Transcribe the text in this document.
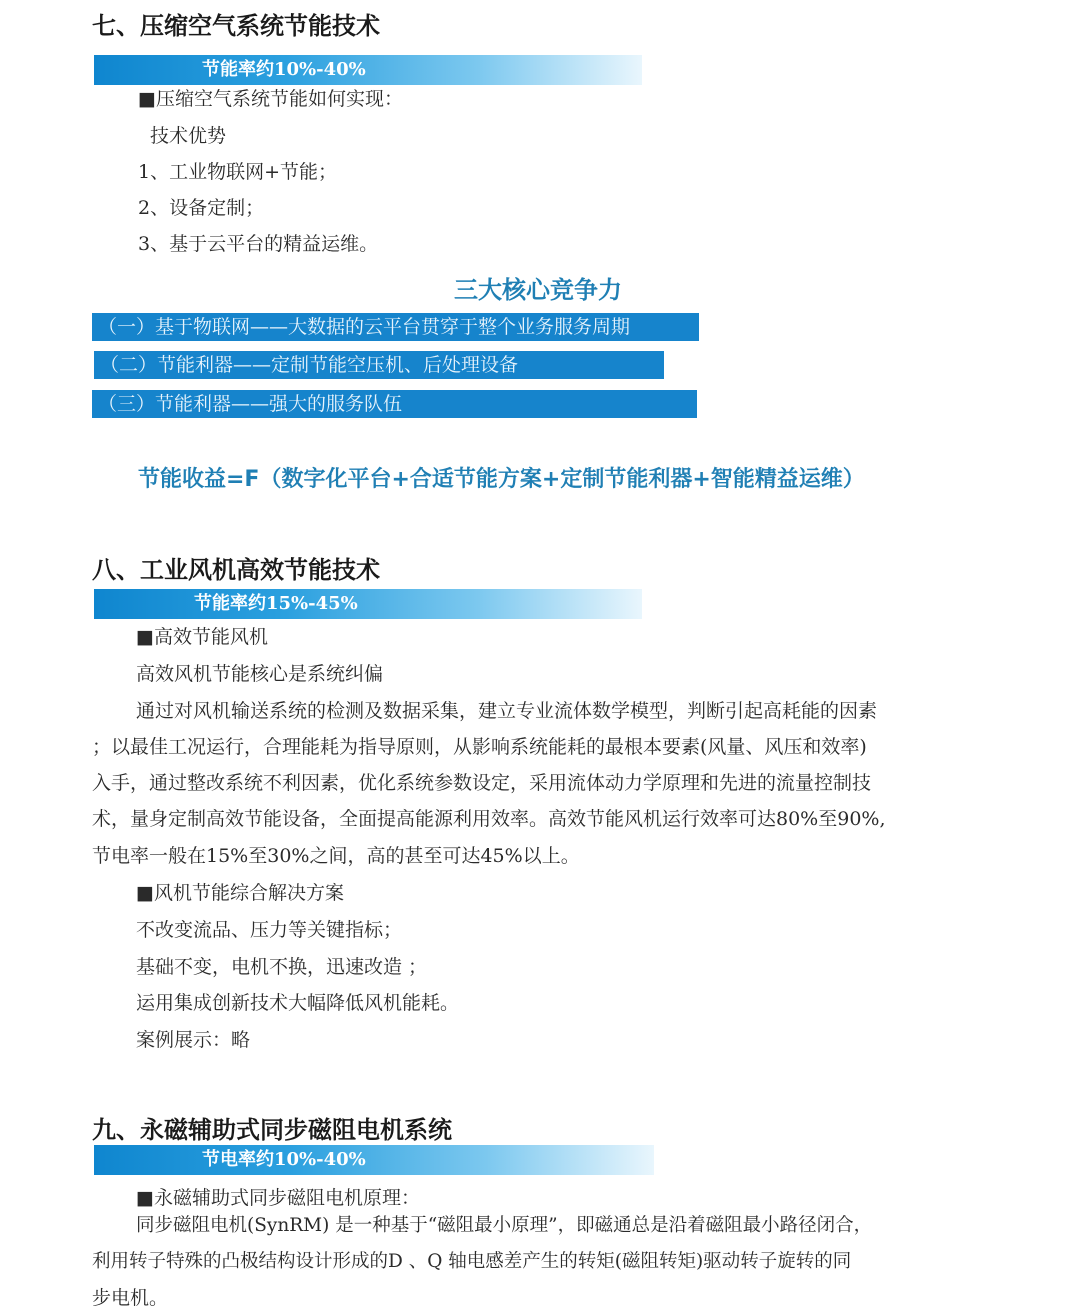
七、压缩空气系统节能技术
节能率约10%-40%
■压缩空气系统节能如何实现：
技术优势
1、工业物联网+节能；
2、设备定制；
3、基于云平台的精益运维。
三大核心竞争力
（一）基于物联网——大数据的云平台贯穿于整个业务服务周期
（二）节能利器——定制节能空压机、后处理设备
（三）节能利器——强大的服务队伍
节能收益=F（数字化平台+合适节能方案+定制节能利器+智能精益运维）
八、工业风机高效节能技术
节能率约15%-45%
■高效节能风机
高效风机节能核心是系统纠偏
通过对风机输送系统的检测及数据采集，建立专业流体数学模型，判断引起高耗能的因素
；以最佳工况运行，合理能耗为指导原则，从影响系统能耗的最根本要素(风量、风压和效率)
入手，通过整改系统不利因素，优化系统参数设定，采用流体动力学原理和先进的流量控制技
术，量身定制高效节能设备，全面提高能源利用效率。高效节能风机运行效率可达80%至90%,
节电率一般在15%至30%之间，高的甚至可达45%以上。
■风机节能综合解决方案
不改变流品、压力等关键指标；
基础不变，电机不换，迅速改造 ；
运用集成创新技术大幅降低风机能耗。
案例展示：略
九、永磁辅助式同步磁阻电机系统
节电率约10%-40%
■永磁辅助式同步磁阻电机原理：
同步磁阻电机(SynRM) 是一种基于“磁阻最小原理”，即磁通总是沿着磁阻最小路径闭合，
利用转子特殊的凸极结构设计形成的D 、Q 轴电感差产生的转矩(磁阻转矩)驱动转子旋转的同
步电机。
